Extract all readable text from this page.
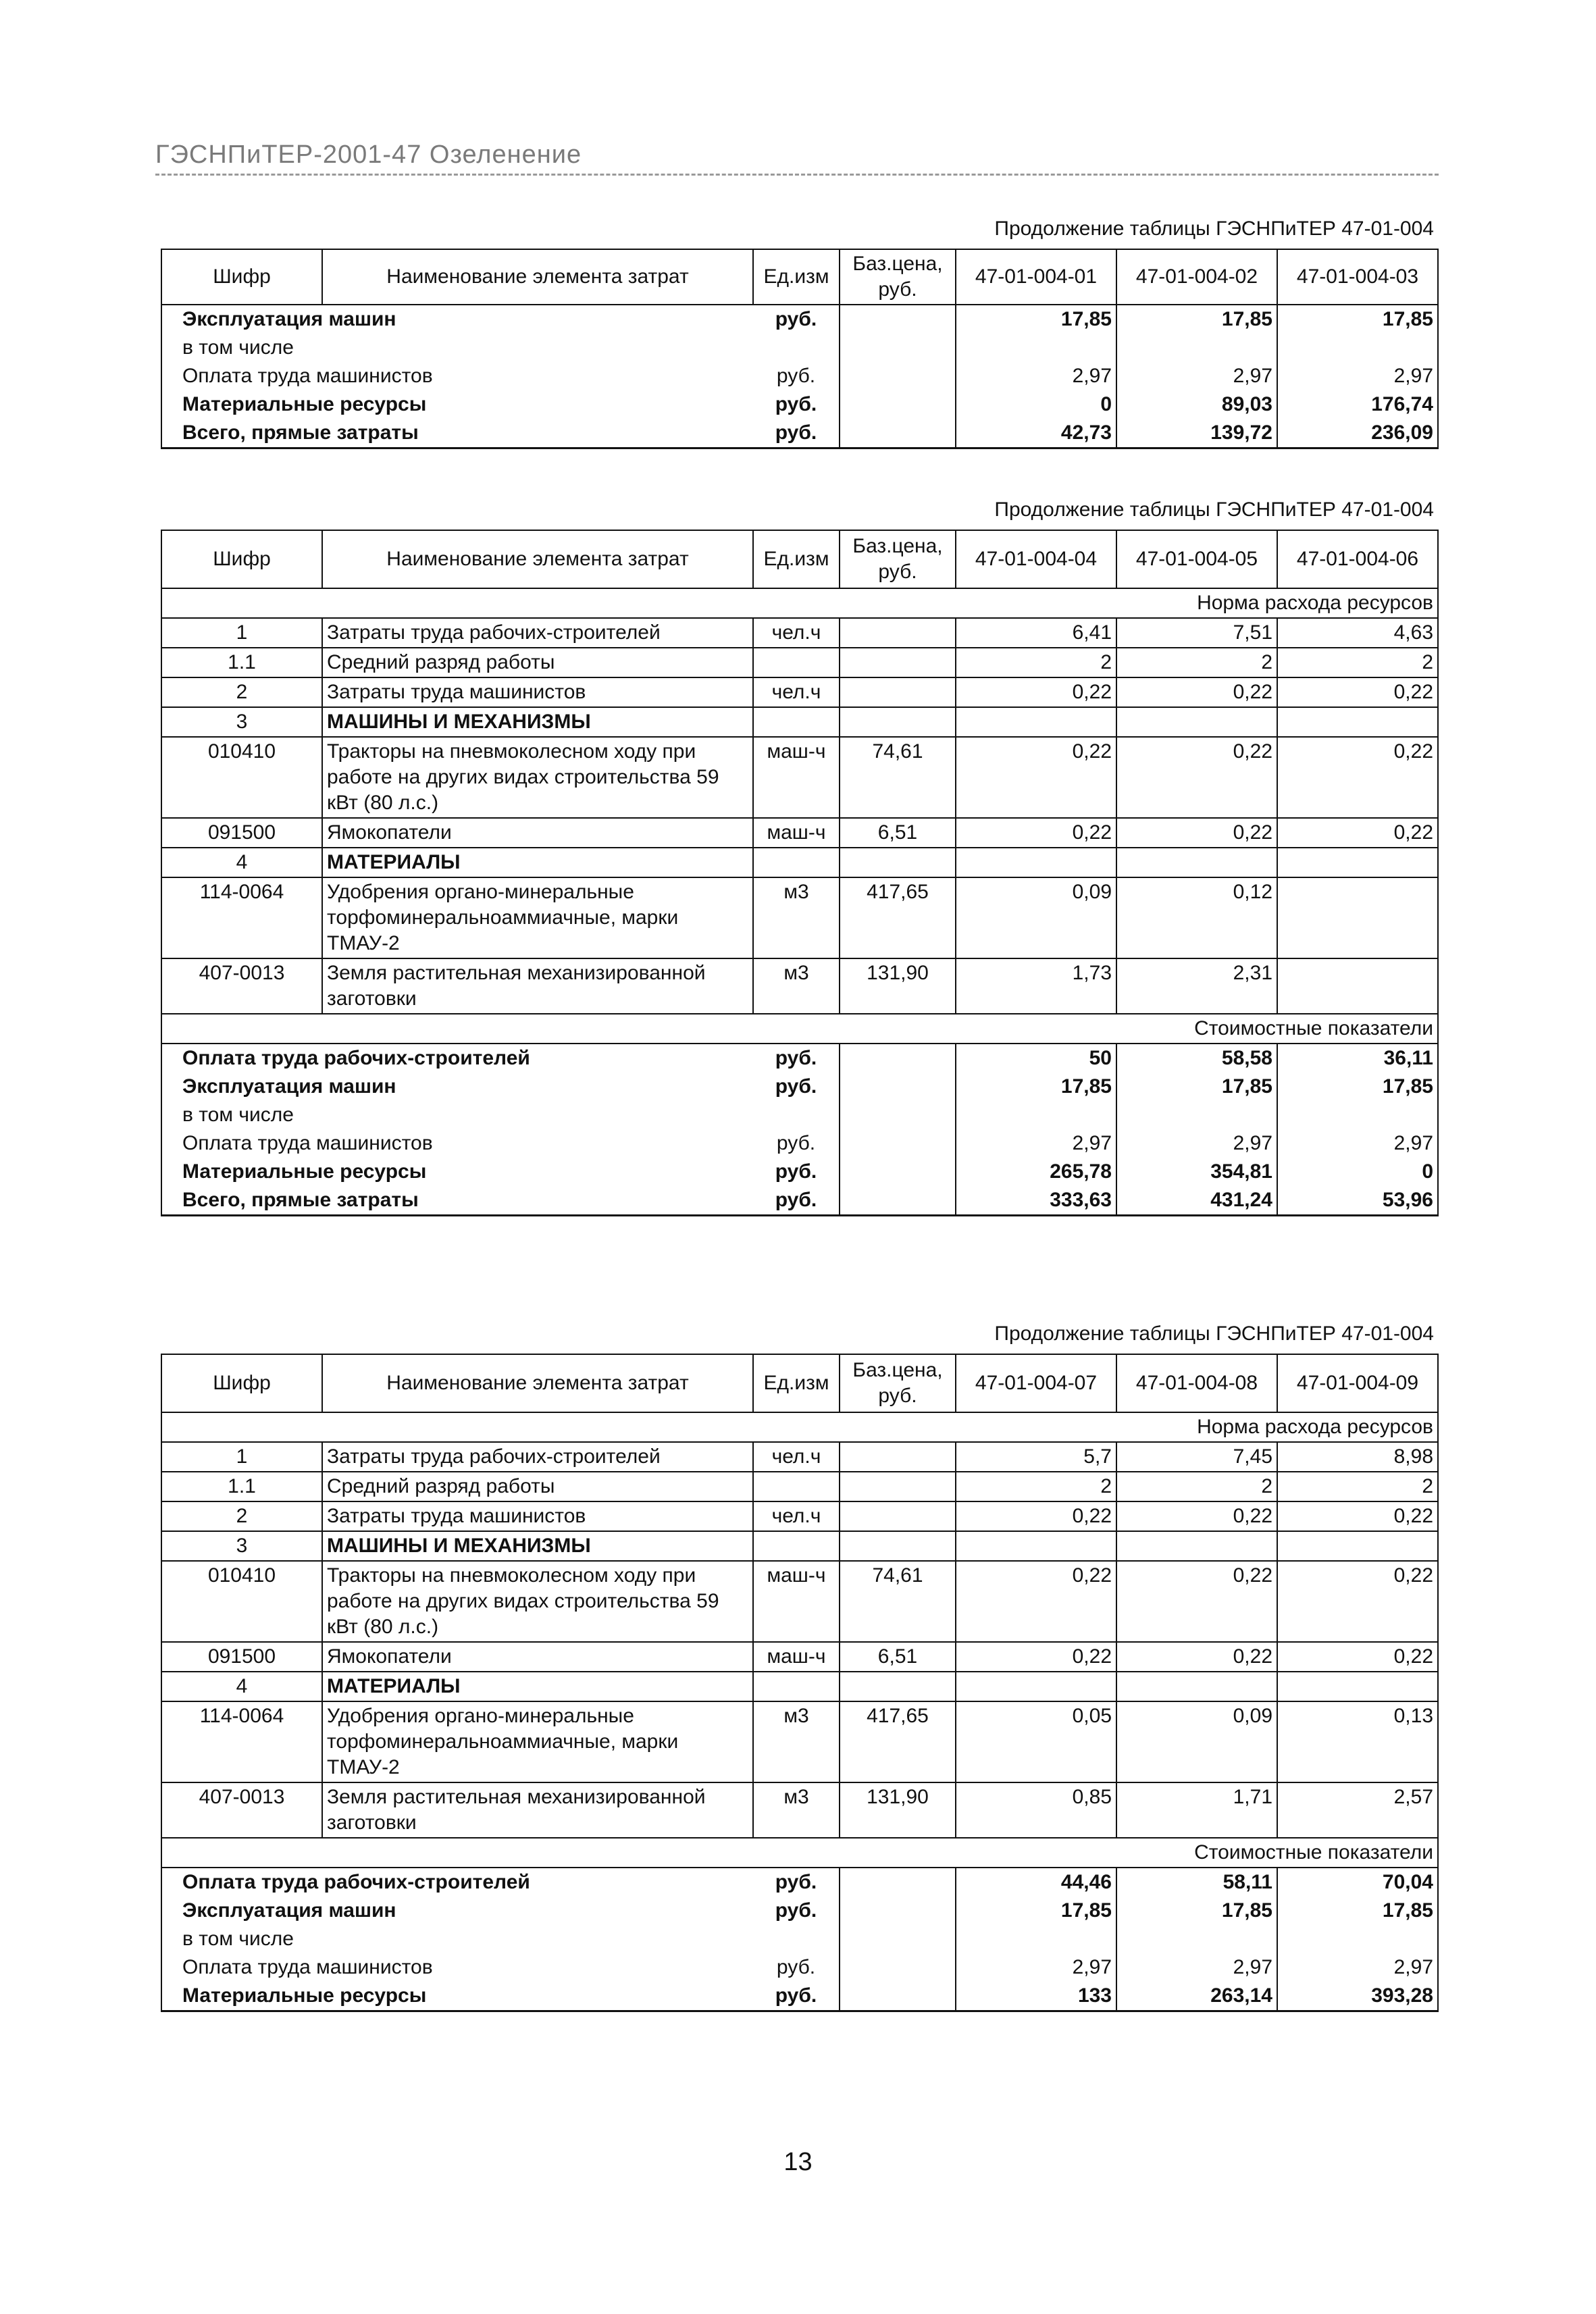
ГЭСНПиТЕР-2001-47 Озеленение
Продолжение таблицы ГЭСНПиТЕР 47-01-004
Шифр	Наименование элемента затрат	Ед.изм	Баз.цена, руб.	47-01-004-01	47-01-004-02	47-01-004-03
Эксплуатация машин		руб.		17,85	17,85	17,85
в том числе						
Оплата труда машинистов		руб.		2,97	2,97	2,97
Материальные ресурсы		руб.		0	89,03	176,74
Всего, прямые затраты		руб.		42,73	139,72	236,09
Продолжение таблицы ГЭСНПиТЕР 47-01-004
Шифр	Наименование элемента затрат	Ед.изм	Баз.цена, руб.	47-01-004-04	47-01-004-05	47-01-004-06
Норма расхода ресурсов						
1	Затраты труда рабочих-строителей	чел.ч		6,41	7,51	4,63
1.1	Средний разряд работы			2	2	2
2	Затраты труда машинистов	чел.ч		0,22	0,22	0,22
3	МАШИНЫ И МЕХАНИЗМЫ					
010410	Тракторы на пневмоколесном ходу при работе на других видах строительства 59 кВт (80 л.с.)	маш-ч	74,61	0,22	0,22	0,22
091500	Ямокопатели	маш-ч	6,51	0,22	0,22	0,22
4	МАТЕРИАЛЫ					
114-0064	Удобрения органо-минеральные торфоминеральноаммиачные, марки ТМАУ-2	м3	417,65	0,09	0,12	
407-0013	Земля растительная механизированной заготовки	м3	131,90	1,73	2,31	
Стоимостные показатели						
Оплата труда рабочих-строителей		руб.		50	58,58	36,11
Эксплуатация машин		руб.		17,85	17,85	17,85
в том числе						
Оплата труда машинистов		руб.		2,97	2,97	2,97
Материальные ресурсы		руб.		265,78	354,81	0
Всего, прямые затраты		руб.		333,63	431,24	53,96
Продолжение таблицы ГЭСНПиТЕР 47-01-004
Шифр	Наименование элемента затрат	Ед.изм	Баз.цена, руб.	47-01-004-07	47-01-004-08	47-01-004-09
Норма расхода ресурсов						
1	Затраты труда рабочих-строителей	чел.ч		5,7	7,45	8,98
1.1	Средний разряд работы			2	2	2
2	Затраты труда машинистов	чел.ч		0,22	0,22	0,22
3	МАШИНЫ И МЕХАНИЗМЫ					
010410	Тракторы на пневмоколесном ходу при работе на других видах строительства 59 кВт (80 л.с.)	маш-ч	74,61	0,22	0,22	0,22
091500	Ямокопатели	маш-ч	6,51	0,22	0,22	0,22
4	МАТЕРИАЛЫ					
114-0064	Удобрения органо-минеральные торфоминеральноаммиачные, марки ТМАУ-2	м3	417,65	0,05	0,09	0,13
407-0013	Земля растительная механизированной заготовки	м3	131,90	0,85	1,71	2,57
Стоимостные показатели						
Оплата труда рабочих-строителей		руб.		44,46	58,11	70,04
Эксплуатация машин		руб.		17,85	17,85	17,85
в том числе						
Оплата труда машинистов		руб.		2,97	2,97	2,97
Материальные ресурсы		руб.		133	263,14	393,28
13
